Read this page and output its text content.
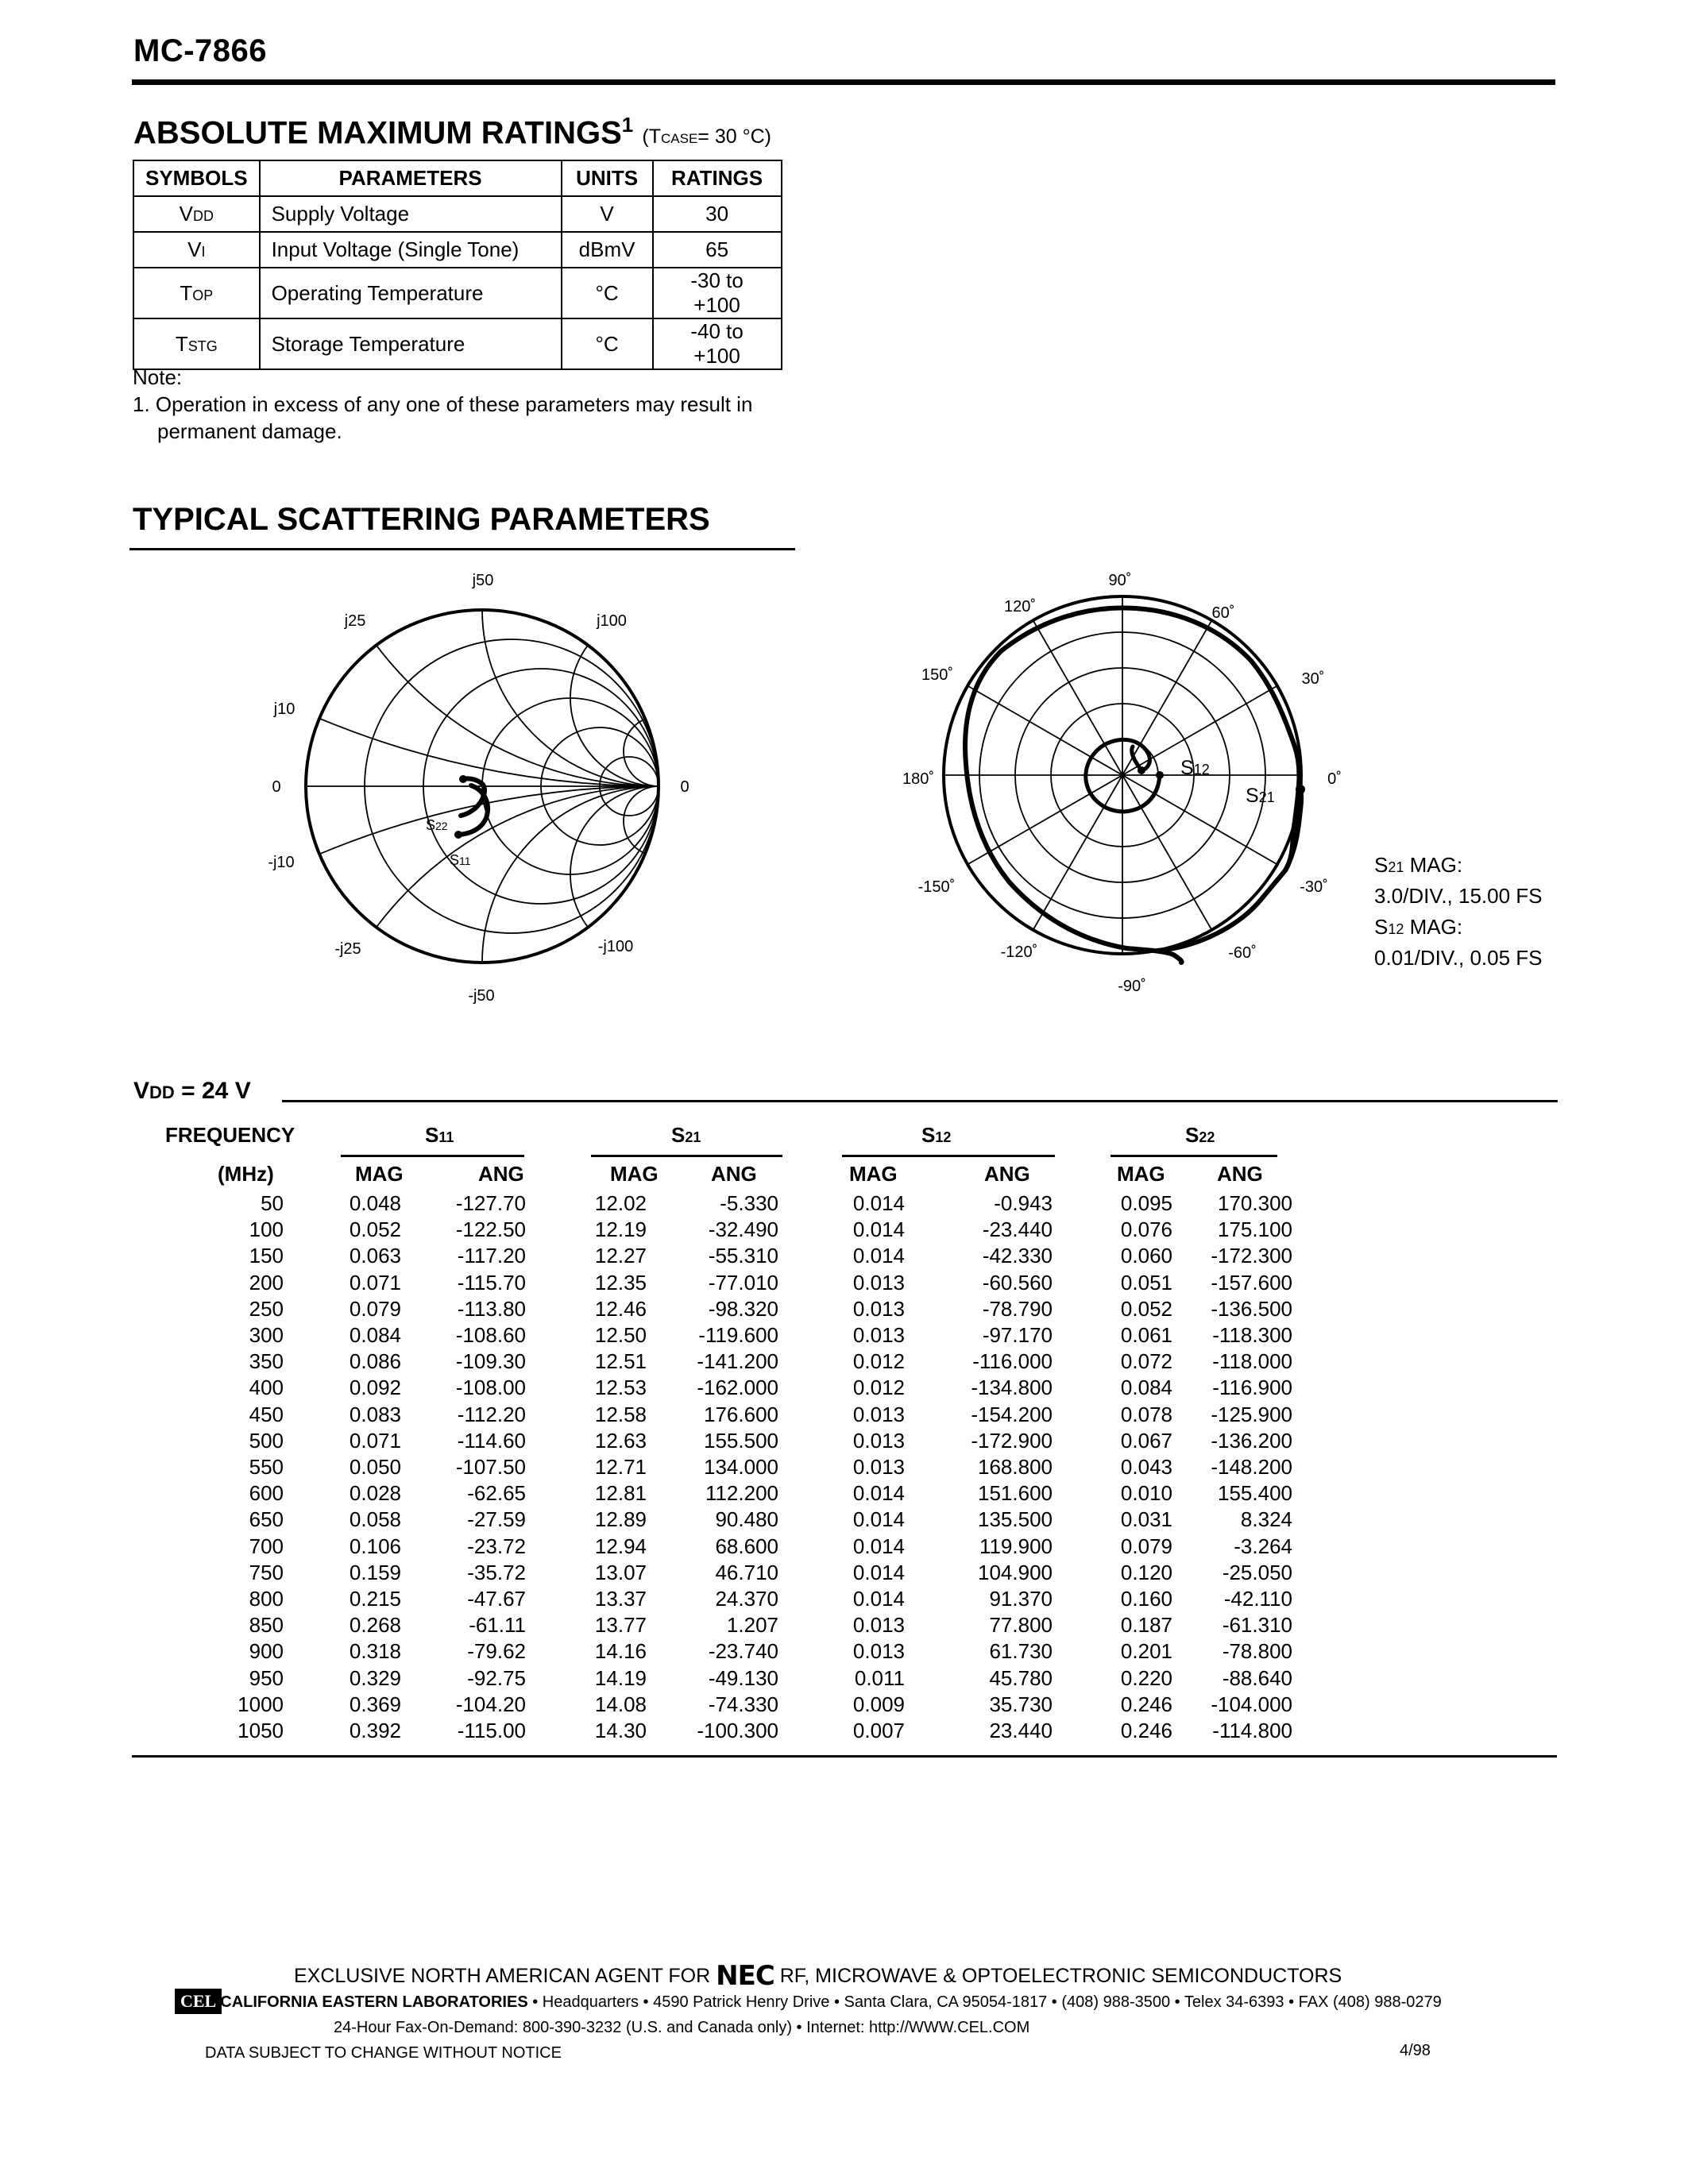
MC-7866
ABSOLUTE MAXIMUM RATINGS$^1$ (TCASE= 30 °C)
SYMBOLS	PARAMETERS	UNITS	RATINGS
VDD	Supply Voltage	V	30
VI	Input Voltage (Single Tone)	dBmV	65
TOP	Operating Temperature	°C	-30 to +100
TSTG	Storage Temperature	°C	-40 to +100
Note:
1. Operation in excess of any one of these parameters may result in
permanent damage.
TYPICAL SCATTERING PARAMETERS
j50
j25	j100
j10
0	0
-j10
-j25	-j100
-j50
S22
S11
90˚
60˚
30˚
0˚
-30˚
-60˚
-90˚
-120˚
-150˚
180˚
150˚
120˚
S12
S21
S21 MAG:
3.0/DIV., 15.00 FS
S12 MAG:
0.01/DIV., 0.05 FS
VDD = 24 V
FREQUENCY
(MHz)
S11	S21	S12	S22
MAG	ANG	MAG	ANG	MAG	ANG	MAG	ANG
50	0.048	-127.70	12.02	-5.330	0.014	-0.943	0.095 170.300
100	0.052	-122.50	12.19	-32.490	0.014	-23.440	0.076 175.100
150	0.063	-117.20	12.27	-55.310	0.014	-42.330	0.060 -172.300
200	0.071	-115.70	12.35	-77.010	0.013	-60.560	0.051 -157.600
250	0.079	-113.80	12.46	-98.320	0.013	-78.790	0.052 -136.500
300	0.084	-108.60	12.50	-119.600	0.013	-97.170	0.061 -118.300
350	0.086	-109.30	12.51 -141.200	0.012	-116.000	0.072 -118.000
400	0.092	-108.00	12.53 -162.000	0.012	-134.800	0.084 -116.900
450	0.083	-112.20	12.58	176.600	0.013	-154.200	0.078 -125.900
500	0.071	-114.60	12.63	155.500	0.013	-172.900	0.067 -136.200
550	0.050	-107.50	12.71	134.000	0.013	168.800	0.043 -148.200
600	0.028	-62.65	12.81	112.200	0.014	151.600	0.010 155.400
650	0.058	-27.59	12.89	90.480	0.014	135.500	0.031	8.324
700	0.106	-23.72	12.94	68.600	0.014	119.900	0.079	-3.264
750	0.159	-35.72	13.07	46.710	0.014	104.900	0.120 -25.050
800	0.215	-47.67	13.37	24.370	0.014	91.370	0.160 -42.110
850	0.268	-61.11	13.77	1.207	0.013	77.800	0.187 -61.310
900	0.318	-79.62	14.16	-23.740	0.013	61.730	0.201 -78.800
950	0.329	-92.75	14.19	-49.130	0.011	45.780	0.220 -88.640
1000	0.369	-104.20	14.08	-74.330	0.009	35.730	0.246 -104.000
1050	0.392	-115.00	14.30 -100.300	0.007	23.440	0.246 -114.800
EXCLUSIVE NORTH AMERICAN AGENT FOR NEC RF, MICROWAVE & OPTOELECTRONIC SEMICONDUCTORS
CEL CALIFORNIA EASTERN LABORATORIES • Headquarters • 4590 Patrick Henry Drive • Santa Clara, CA 95054-1817 • (408) 988-3500 • Telex 34-6393 • FAX (408) 988-0279
24-Hour Fax-On-Demand: 800-390-3232 (U.S. and Canada only) • Internet: http://WWW.CEL.COM
DATA SUBJECT TO CHANGE WITHOUT NOTICE	4/98
